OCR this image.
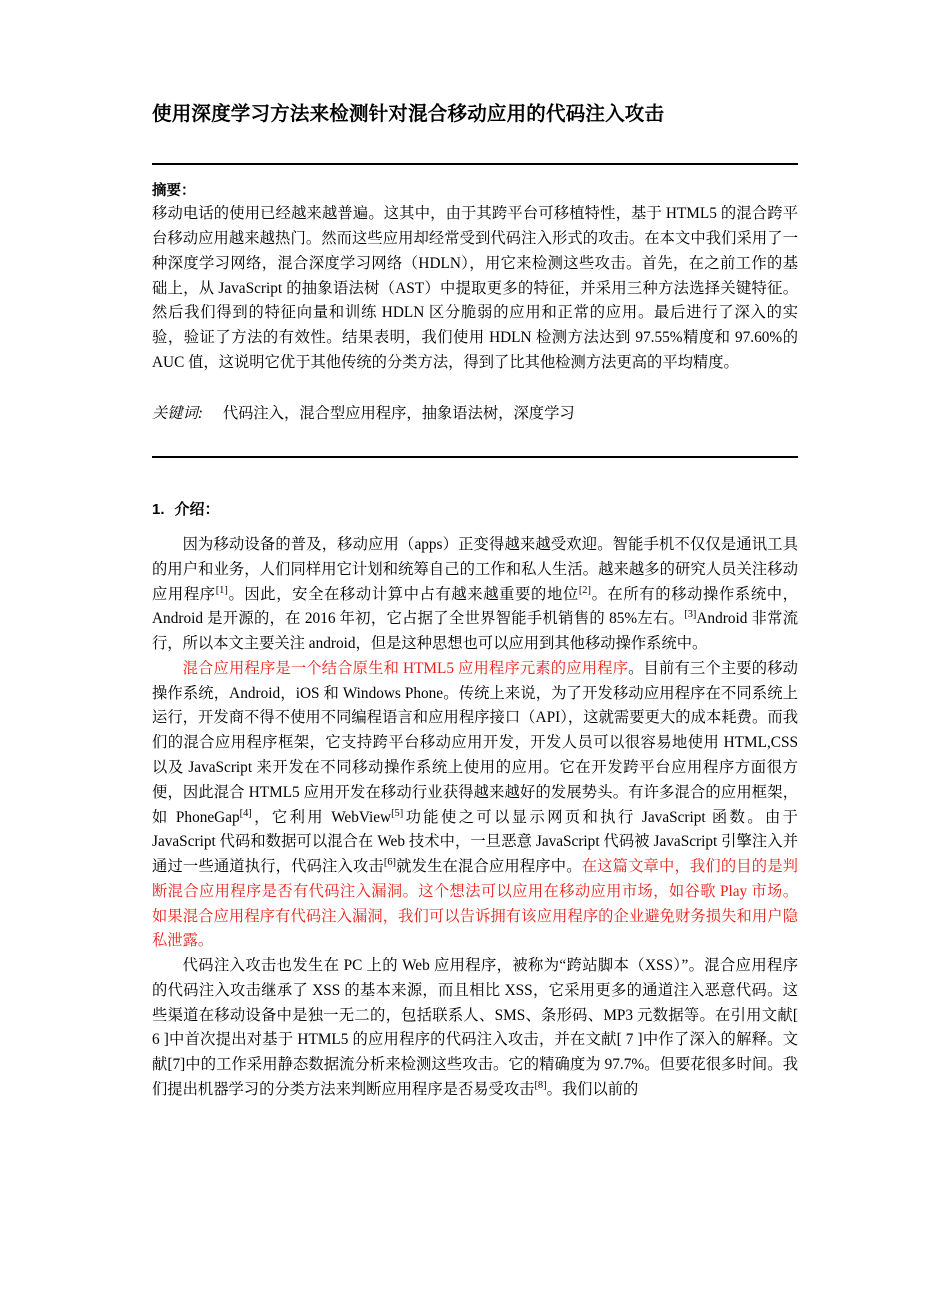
使用深度学习方法来检测针对混合移动应用的代码注入攻击
摘要：

移动电话的使用已经越来越普遍。这其中，由于其跨平台可移植特性，基于 HTML5 的混合跨平台移动应用越来越热门。然而这些应用却经常受到代码注入形式的攻击。在本文中我们采用了一种深度学习网络，混合深度学习网络（HDLN），用它来检测这些攻击。首先，在之前工作的基础上，从 JavaScript 的抽象语法树（AST）中提取更多的特征，并采用三种方法选择关键特征。然后我们得到的特征向量和训练 HDLN 区分脆弱的应用和正常的应用。最后进行了深入的实验，验证了方法的有效性。结果表明，我们使用 HDLN 检测方法达到 97.55%精度和 97.60%的 AUC 值，这说明它优于其他传统的分类方法，得到了比其他检测方法更高的平均精度。

关键词: 代码注入，混合型应用程序，抽象语法树，深度学习
1. 介绍：

因为移动设备的普及，移动应用（apps）正变得越来越受欢迎。智能手机不仅仅是通讯工具的用户和业务，人们同样用它计划和统筹自己的工作和私人生活。越来越多的研究人员关注移动应用程序[1]。因此，安全在移动计算中占有越来越重要的地位[2]。在所有的移动操作系统中，Android 是开源的，在 2016 年初，它占据了全世界智能手机销售的 85%左右。[3]Android 非常流行，所以本文主要关注 android，但是这种思想也可以应用到其他移动操作系统中。

混合应用程序是一个结合原生和 HTML5 应用程序元素的应用程序。目前有三个主要的移动操作系统，Android，iOS 和 Windows Phone。传统上来说，为了开发移动应用程序在不同系统上运行，开发商不得不使用不同编程语言和应用程序接口（API），这就需要更大的成本耗费。而我们的混合应用程序框架，它支持跨平台移动应用开发，开发人员可以很容易地使用 HTML,CSS 以及 JavaScript 来开发在不同移动操作系统上使用的应用。它在开发跨平台应用程序方面很方便，因此混合 HTML5 应用开发在移动行业获得越来越好的发展势头。有许多混合的应用框架，如 PhoneGap[4]，它利用 WebView[5]功能使之可以显示网页和执行 JavaScript 函数。由于 JavaScript 代码和数据可以混合在 Web 技术中，一旦恶意 JavaScript 代码被 JavaScript 引擎注入并通过一些通道执行，代码注入攻击[6]就发生在混合应用程序中。在这篇文章中，我们的目的是判断混合应用程序是否有代码注入漏洞。这个想法可以应用在移动应用市场，如谷歌 Play 市场。如果混合应用程序有代码注入漏洞，我们可以告诉拥有该应用程序的企业避免财务损失和用户隐私泄露。

代码注入攻击也发生在 PC 上的 Web 应用程序，被称为“跨站脚本（XSS）”。混合应用程序的代码注入攻击继承了 XSS 的基本来源，而且相比 XSS，它采用更多的通道注入恶意代码。这些渠道在移动设备中是独一无二的，包括联系人、SMS、条形码、MP3 元数据等。在引用文献[ 6 ]中首次提出对基于 HTML5 的应用程序的代码注入攻击，并在文献[ 7 ]中作了深入的解释。文献[7]中的工作采用静态数据流分析来检测这些攻击。它的精确度为 97.7%。但要花很多时间。我们提出机器学习的分类方法来判断应用程序是否易受攻击[8]。我们以前的
